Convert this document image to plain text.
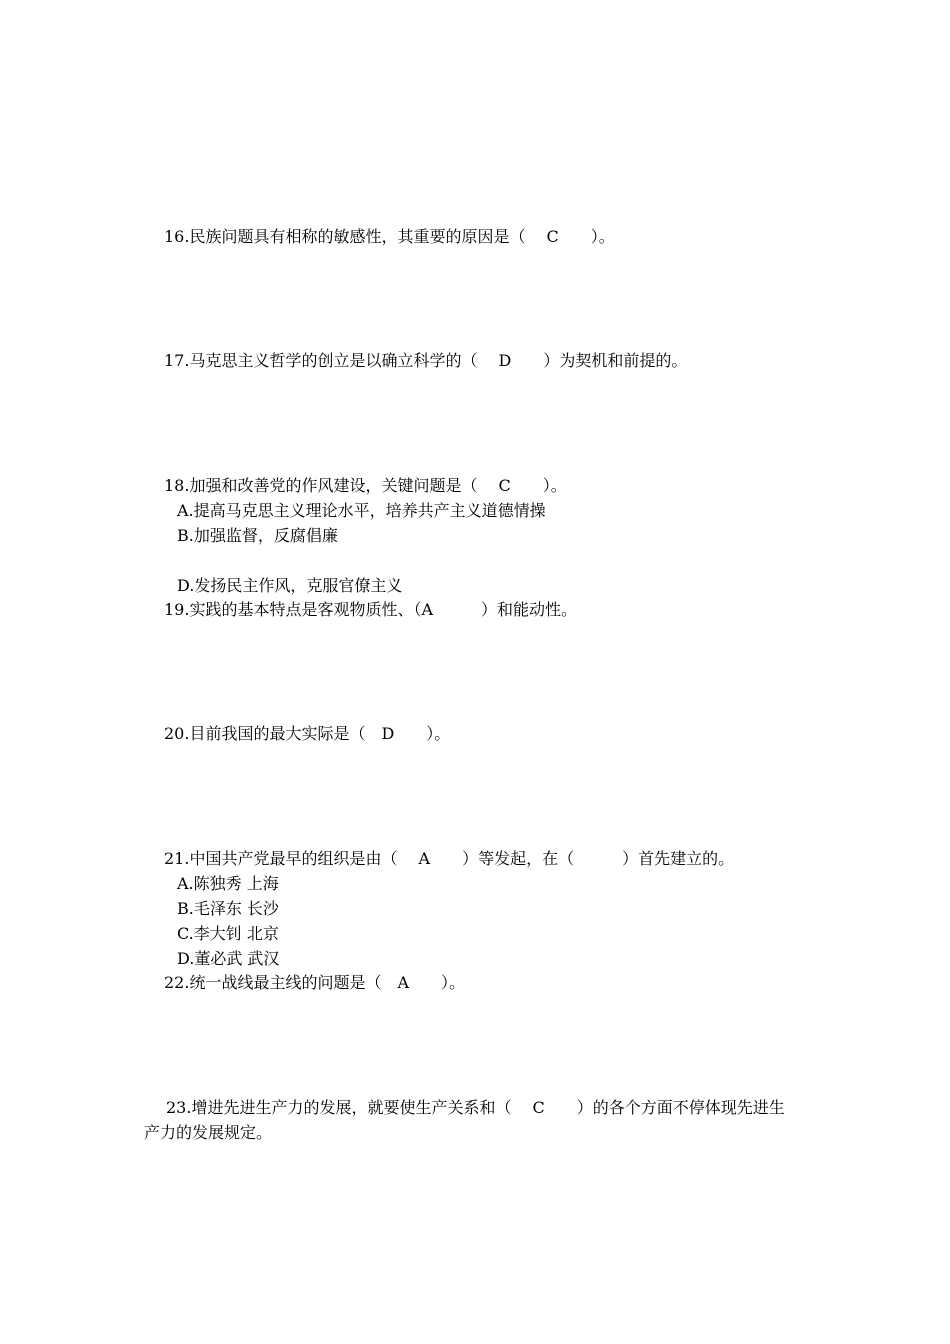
16.民族问题具有相称的敏感性，其重要的原因是（　 C　　）。
17.马克思主义哲学的创立是以确立科学的（　 D　　）为契机和前提的。
18.加强和改善党的作风建设，关键问题是（　 C　　）。
A.提高马克思主义理论水平，培养共产主义道德情操
B.加强监督，反腐倡廉
D.发扬民主作风，克服官僚主义
19.实践的基本特点是客观物质性、（A　　　）和能动性。
20.目前我国的最大实际是（　D　　）。
21.中国共产党最早的组织是由（　 A　　）等发起，在（　　　）首先建立的。
A.陈独秀 上海
B.毛泽东 长沙
C.李大钊 北京
D.董必武 武汉
22.统一战线最主线的问题是（　A　　）。
23.增进先进生产力的发展，就要使生产关系和（　 C　　）的各个方面不停体现先进生
产力的发展规定。
